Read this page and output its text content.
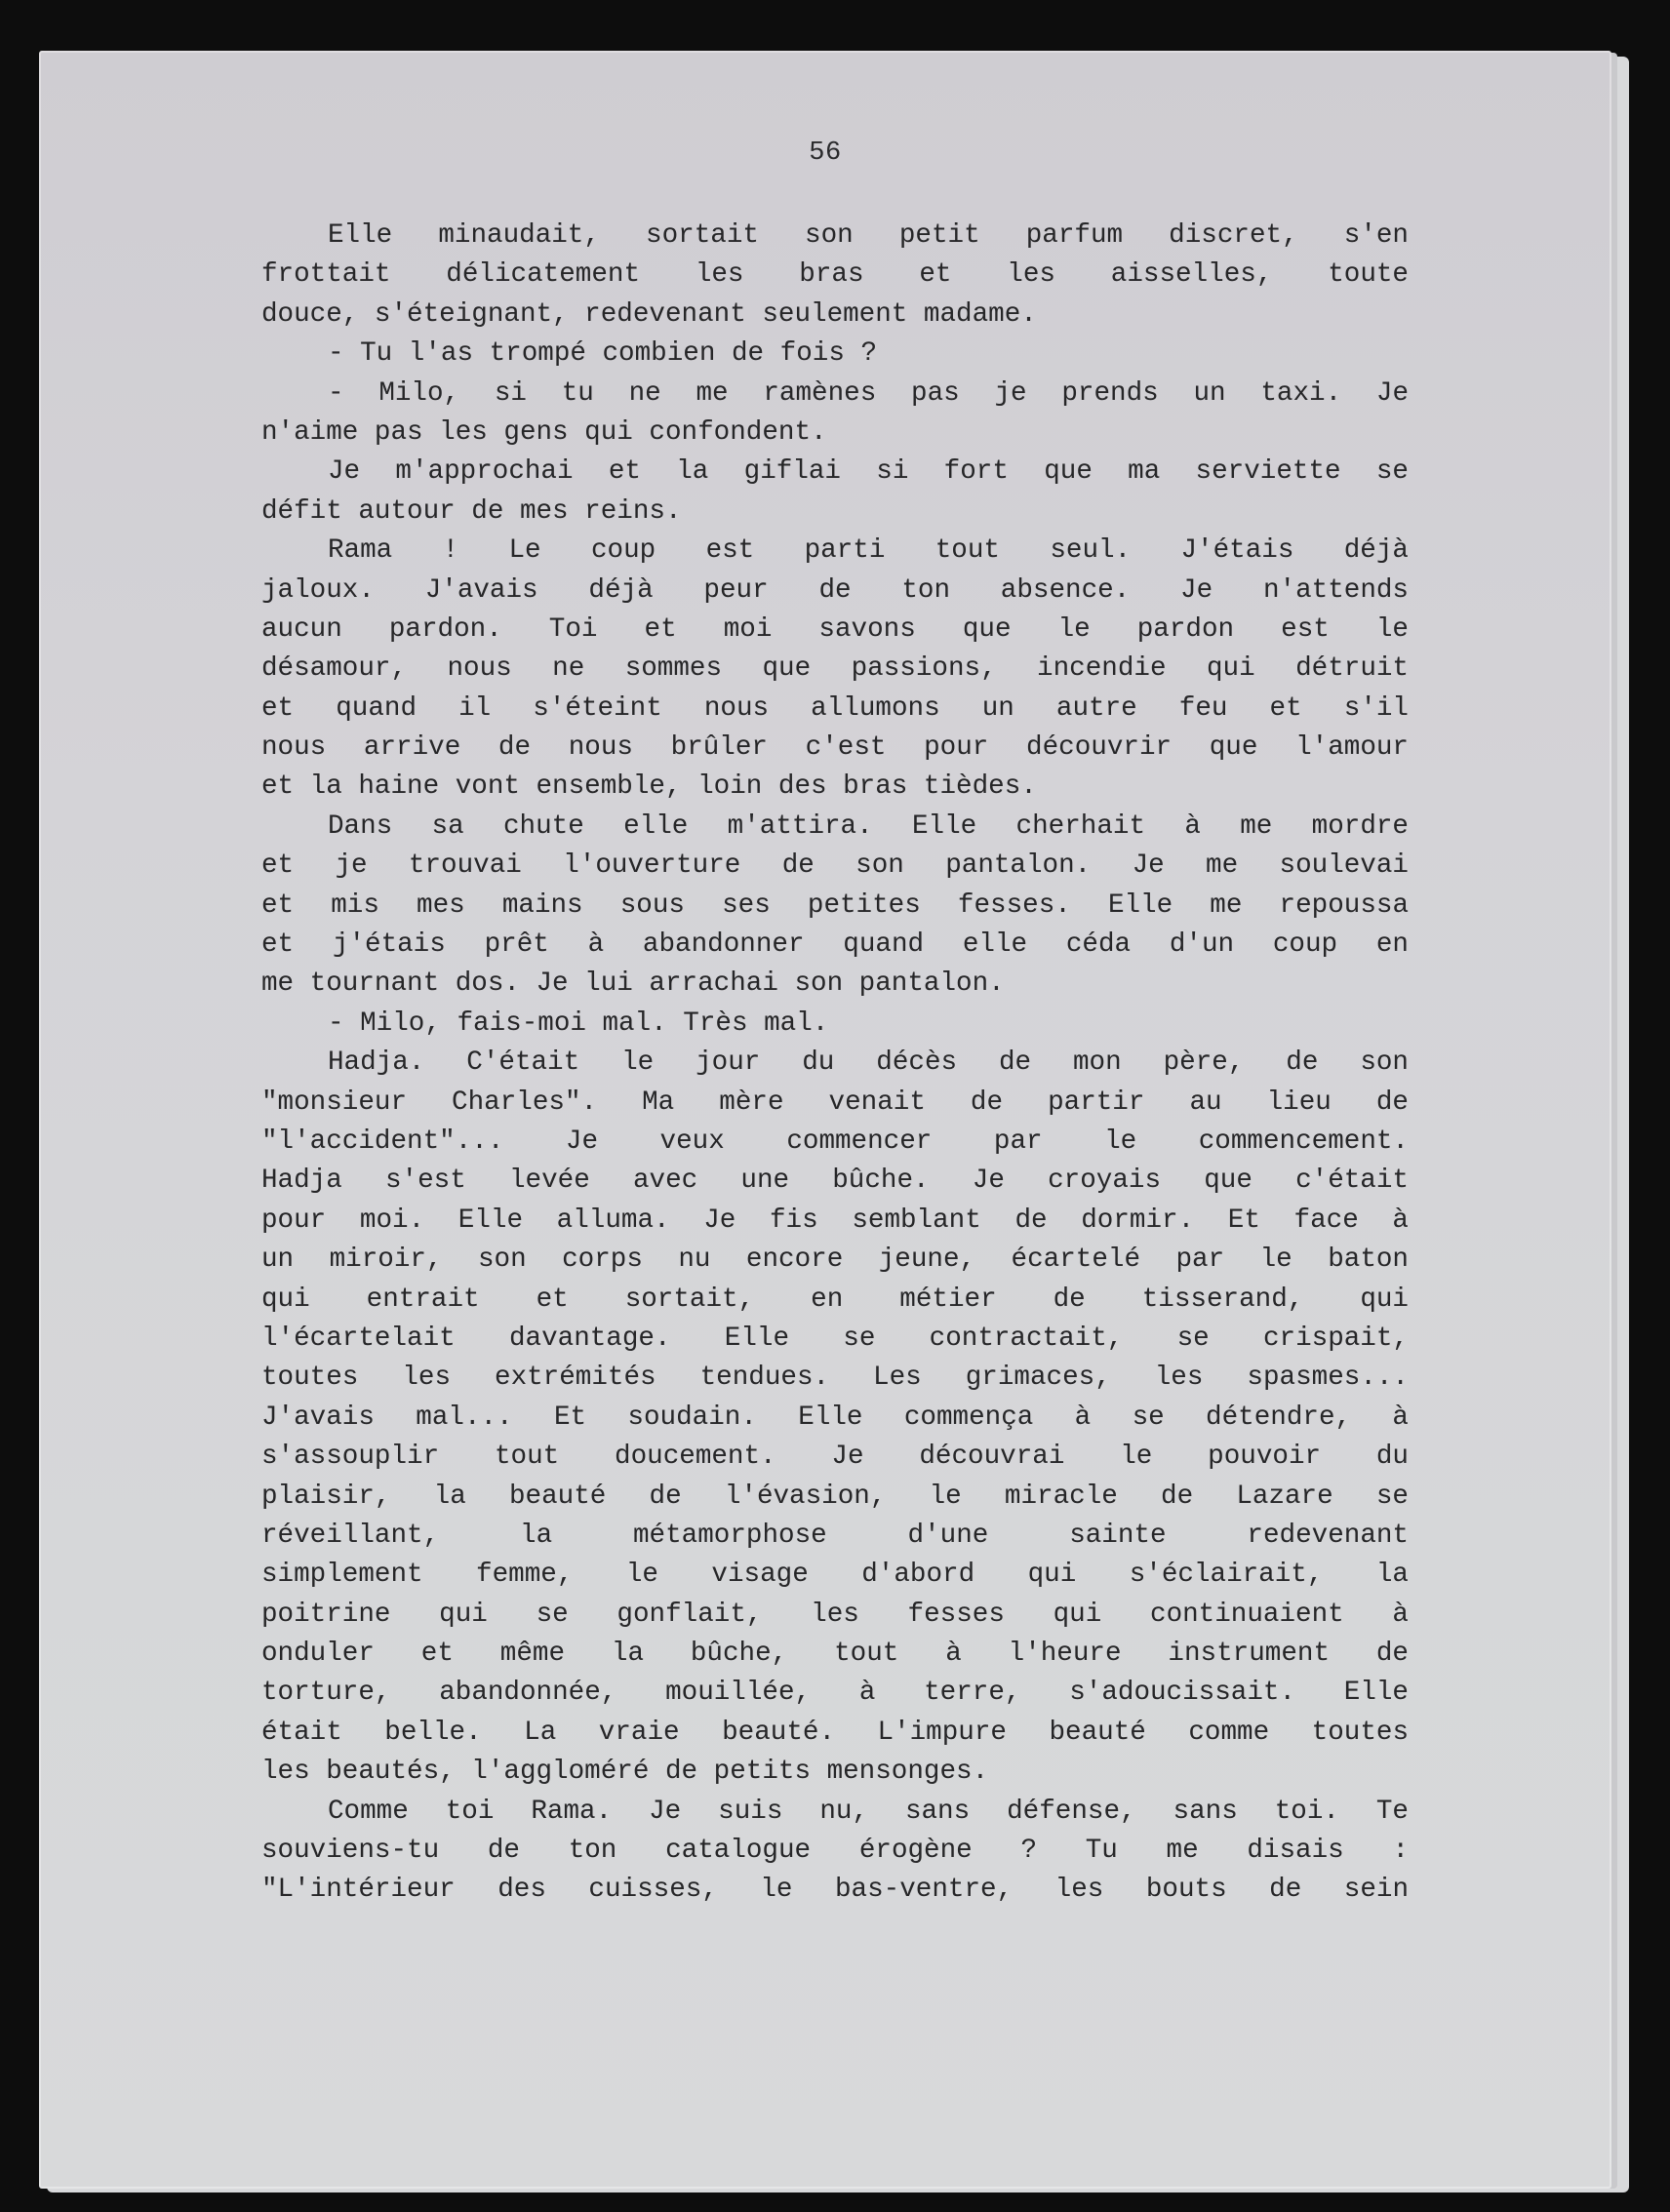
56
Elle minaudait, sortait son petit parfum discret, s'en
frottait délicatement les bras et les aisselles, toute
douce, s'éteignant, redevenant seulement madame.
- Tu l'as trompé combien de fois ?
- Milo, si tu ne me ramènes pas je prends un taxi. Je
n'aime pas les gens qui confondent.
Je m'approchai et la giflai si fort que ma serviette se
défit autour de mes reins.
Rama ! Le coup est parti tout seul. J'étais déjà
jaloux. J'avais déjà peur de ton absence. Je n'attends
aucun pardon. Toi et moi savons que le pardon est le
désamour, nous ne sommes que passions, incendie qui détruit
et quand il s'éteint nous allumons un autre feu et s'il
nous arrive de nous brûler c'est pour découvrir que l'amour
et la haine vont ensemble, loin des bras tièdes.
Dans sa chute elle m'attira. Elle cherhait à me mordre
et je trouvai l'ouverture de son pantalon. Je me soulevai
et mis mes mains sous ses petites fesses. Elle me repoussa
et j'étais prêt à abandonner quand elle céda d'un coup en
me tournant dos. Je lui arrachai son pantalon.
- Milo, fais-moi mal. Très mal.
Hadja. C'était le jour du décès de mon père, de son
"monsieur Charles". Ma mère venait de partir au lieu de
"l'accident"... Je veux commencer par le commencement.
Hadja s'est levée avec une bûche. Je croyais que c'était
pour moi. Elle alluma. Je fis semblant de dormir. Et face à
un miroir, son corps nu encore jeune, écartelé par le baton
qui entrait et sortait, en métier de tisserand, qui
l'écartelait davantage. Elle se contractait, se crispait,
toutes les extrémités tendues. Les grimaces, les spasmes...
J'avais mal... Et soudain. Elle commença à se détendre, à
s'assouplir tout doucement. Je découvrai le pouvoir du
plaisir, la beauté de l'évasion, le miracle de Lazare se
réveillant, la métamorphose d'une sainte redevenant
simplement femme, le visage d'abord qui s'éclairait, la
poitrine qui se gonflait, les fesses qui continuaient à
onduler et même la bûche, tout à l'heure instrument de
torture, abandonnée, mouillée, à terre, s'adoucissait. Elle
était belle. La vraie beauté. L'impure beauté comme toutes
les beautés, l'aggloméré de petits mensonges.
Comme toi Rama. Je suis nu, sans défense, sans toi. Te
souviens-tu de ton catalogue érogène ? Tu me disais :
"L'intérieur des cuisses, le bas-ventre, les bouts de sein
